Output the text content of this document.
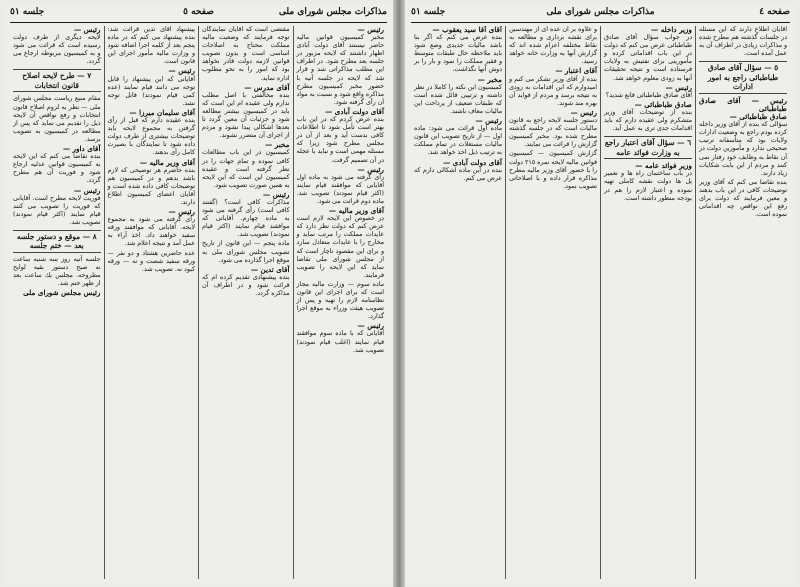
مذاكرات مجلس شوراى ملى
صفحه ٥
جلسه ٥١
رئيس —

مخبر كمیسیون قوانین مالیه حاضر نیستند آقاى دولت آبادى اظهار داشتند كه لایحه مزبور در جلسه بعد مطرح شود. در اطراف این مطلب مذاكراتى شد و قرار شد كه لایحه در جلسه آتیه با حضور مخبر كمیسیون مطرح مذاكره واقع شود و نسبت به مواد آن رأى گرفته شود.

آقاى دولت آبادى —

بنده عرض كردم كه در این باب بهتر است تأمل شود تا اطلاعات كافى بدست آید و بعد از آن در مجلس مطرح شود زیرا كه مسئله مهمى است و نباید با عجله در آن تصمیم گرفت.

رئيس —

رأى گرفته مى شود به ماده اول آقایانى كه موافقند قیام نمایند (اكثر قیام نمودند) تصویب شد. ماده دوم قرائت مى شود.

آقاى وزیر مالیه —

در خصوص این لایحه لازم است عرض كنم كه دولت نظر دارد كه عایدات مملكت را مرتب نماید و مخارج را با عایدات متعادل سازد و براى این مقصود ناچار است كه از مجلس شوراى ملى تقاضا نماید كه این لایحه را تصویب فرمایند.

ماده سوم — وزارت مالیه مجاز است كه براى اجراى این قانون نظامنامه لازم را تهیه و پس از تصویب هیئت وزراء به موقع اجرا گذارد.

رئيس —

آقایانى كه با ماده سوم موافقند قیام نمایند (اغلب قیام نمودند) تصویب شد.

مقتضى است كه آقایان نمایندگان توجه فرمایند كه وضعیت مالیه مملكت محتاج به اصلاحات اساسى است و بدون تصویب قوانین لازمه دولت قادر نخواهد بود كه امور را به نحو مطلوب اداره نماید.

آقاى مدرس —

بنده مخالفتى با اصل مطلب ندارم ولى عقیده ام این است كه باید در كمیسیون بیشتر مطالعه شود و جزئیات آن معین گردد تا بعدها اشكالى پیدا نشود و مردم از اجراى آن متضرر نشوند.

مخبر —

كمیسیون در این باب مطالعات كافى نموده و تمام جهات را در نظر گرفته است و عقیده كمیسیون این است كه این لایحه به همین صورت تصویب شود.

رئيس —

مذاكرات كافى است؟ (گفتند كافى است) رأى گرفته مى شود به ماده چهارم. آقایانى كه موافقند قیام نمایند (اكثر قیام نمودند) تصویب شد.

ماده پنجم — این قانون از تاریخ تصویب مجلس شوراى ملى به موقع اجرا گذارده مى شود.

آقاى تدین —

بنده پیشنهادى تقدیم كرده ام كه قرائت شود و در اطراف آن مذاكره گردد.

پیشنهاد آقاى تدین قرائت شد: بنده پیشنهاد مى كنم كه در ماده پنجم بعد از كلمه اجرا اضافه شود و وزارت مالیه مأمور اجراى این قانون است.

رئيس —

آقایانى كه این پیشنهاد را قابل توجه مى دانند قیام نمایند (عده كمى قیام نمودند) قابل توجه نشد.

آقاى سلیمان میرزا —

بنده عقیده دارم كه قبل از رأى گرفتن به مجموع لایحه باید توضیحات بیشترى از طرف دولت داده شود تا نمایندگان با بصیرت كامل رأى بدهند.

آقاى وزیر مالیه —

بنده حاضرم هر توضیحى كه لازم باشد بدهم و در كمیسیون هم توضیحات كافى داده شده است و آقایان اعضاى كمیسیون اطلاع دارند.

رئيس —

رأى گرفته مى شود به مجموع لایحه. آقایانى كه موافقند ورقه سفید خواهند داد. اخذ آراء به عمل آمد و نتیجه اعلام شد.

عده حاضرین هشتاد و دو نفر — ورقه سفید شصت و نه — ورقه كبود نه. تصویب شد.

رئيس —

لایحه دیگرى از طرف دولت رسیده است كه قرائت مى شود و به كمیسیون مربوطه ارجاع مى گردد.

٧ — طرح لایحه اصلاح قانون انتخابات

مقام منیع ریاست مجلس شوراى ملى — نظر به لزوم اصلاح قانون انتخابات و رفع نواقص آن لایحه ذیل را تقدیم مى نماید كه پس از مطالعه در كمیسیون به تصویب برسد.

آقاى داور —

بنده تقاضا مى كنم كه این لایحه به كمیسیون قوانین عدلیه ارجاع شود و فوریت آن هم مطرح گردد.

رئيس —

فوریت لایحه مطرح است. آقایانى كه فوریت را تصویب مى كنند قیام نمایند (اكثر قیام نمودند) تصویب شد.

٨ — موقع و دستور جلسه بعد — ختم جلسه

جلسه آتیه روز سه شنبه ساعت نه صبح دستور بقیه لوایح مطروحه. مجلس یك ساعت بعد از ظهر ختم شد.

رئیس مجلس شوراى ملى
صفحه ٤
مذاكرات مجلس شوراى ملى
جلسه ٥١

آقایان اطلاع دارند كه این مسئله در جلسات گذشته هم مطرح شده و مذاكرات زیادى در اطراف آن به عمل آمده است.

٥ — سؤال آقاى صادق طباطبائى راجع به امور ادارات
رئيس — آقاى صادق طباطبائى
صادق طباطبائى —

سؤالى كه بنده از آقاى وزیر داخله كرده بودم راجع به وضعیت ادارات ولایات بود كه متأسفانه ترتیب صحیحى ندارد و مأمورین دولت در آن نقاط به وظایف خود رفتار نمى كنند و مردم از این بابت شكایات زیاد دارند.

بنده تقاضا مى كنم كه آقاى وزیر توضیحات كافى در این باب بدهند و معین فرمایند كه دولت براى رفع این نواقص چه اقداماتى نموده است.

وزیر داخله —

در جواب سؤال آقاى صادق طباطبائى عرض مى كنم كه دولت در این باب اقداماتى كرده و مأمورینى براى تفتیش به ولایات فرستاده است و نتیجه تحقیقات آنها به زودى معلوم خواهد شد.

رئيس —

آقاى صادق طباطبائى قانع شدید؟

صادق طباطبائى —

بنده از توضیحات آقاى وزیر متشكرم ولى عقیده دارم كه باید اقدامات جدى ترى به عمل آید.

٦ — سؤال آقاى اعتبار راجع به وزارت فوائد عامه
وزیر فوائد عامه —

در باب ساختمان راه ها و تعمیر پل ها دولت نقشه كاملى تهیه نموده و اعتبار لازم را هم در بودجه منظور داشته است.

و علاوه بر آن عده اى از مهندسین براى نقشه بردارى و مطالعه به نقاط مختلفه اعزام شده اند كه گزارش آنها به وزارت خانه خواهد رسید.

آقاى اعتبار —

بنده از آقاى وزیر تشكر مى كنم و امیدوارم كه این اقدامات به زودى به نتیجه برسد و مردم از فواید آن بهره مند شوند.

رئيس —

دستور جلسه لایحه راجع به قانون مالیات است كه در جلسه گذشته مطرح شده بود. مخبر كمیسیون گزارش را قرائت مى نمایند.

گزارش كمیسیون — كمیسیون قوانین مالیه لایحه نمره ٢١٥ دولت را با حضور آقاى وزیر مالیه مطرح مذاكره قرار داده و با اصلاحاتى تصویب نمود.

آقاى آقا سید یعقوب —

بنده عرض مى كنم كه اگر بنا باشد مالیات جدیدى وضع شود باید ملاحظه حال طبقات متوسط و فقیر مملكت را نمود و بار را بر دوش آنها نگذاشت.

مخبر —

كمیسیون این نكته را كاملا در نظر داشته و ترتیبى قائل شده است كه طبقات ضعیف از پرداخت این مالیات معاف باشند.

رئيس —

ماده اول قرائت مى شود: ماده اول — از تاریخ تصویب این قانون مالیات مستغلات در تمام مملكت به ترتیب ذیل اخذ خواهد شد.

آقاى دولت آبادى —

بنده در این ماده اشكالى دارم كه عرض مى كنم.
